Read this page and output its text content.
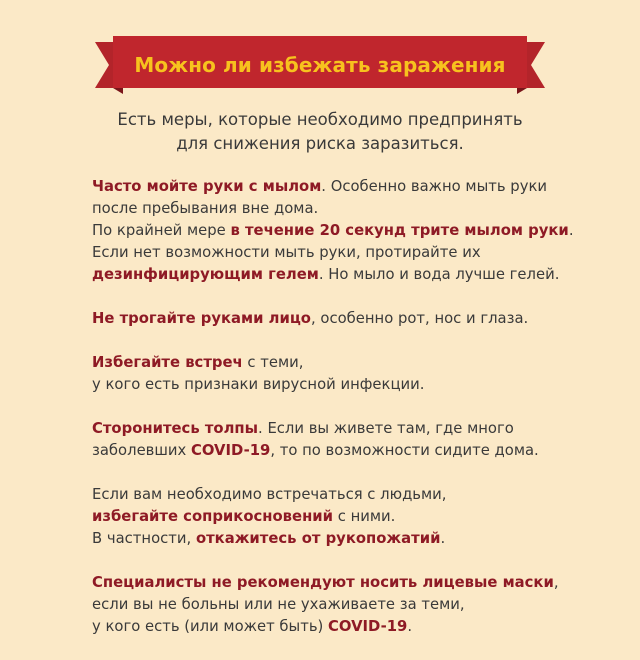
Можно ли избежать заражения
Есть меры, которые необходимо предпринять
для снижения риска заразиться.
Часто мойте руки с мылом. Особенно важно мыть руки
после пребывания вне дома.
По крайней мере в течение 20 секунд трите мылом руки.
Если нет возможности мыть руки, протирайте их
дезинфицирующим гелем. Но мыло и вода лучше гелей.
Не трогайте руками лицо, особенно рот, нос и глаза.
Избегайте встреч с теми,
у кого есть признаки вирусной инфекции.
Сторонитесь толпы. Если вы живете там, где много
заболевших COVID-19, то по возможности сидите дома.
Если вам необходимо встречаться с людьми,
избегайте соприкосновений с ними.
В частности, откажитесь от рукопожатий.
Специалисты не рекомендуют носить лицевые маски,
если вы не больны или не ухаживаете за теми,
у кого есть (или может быть) COVID-19.
